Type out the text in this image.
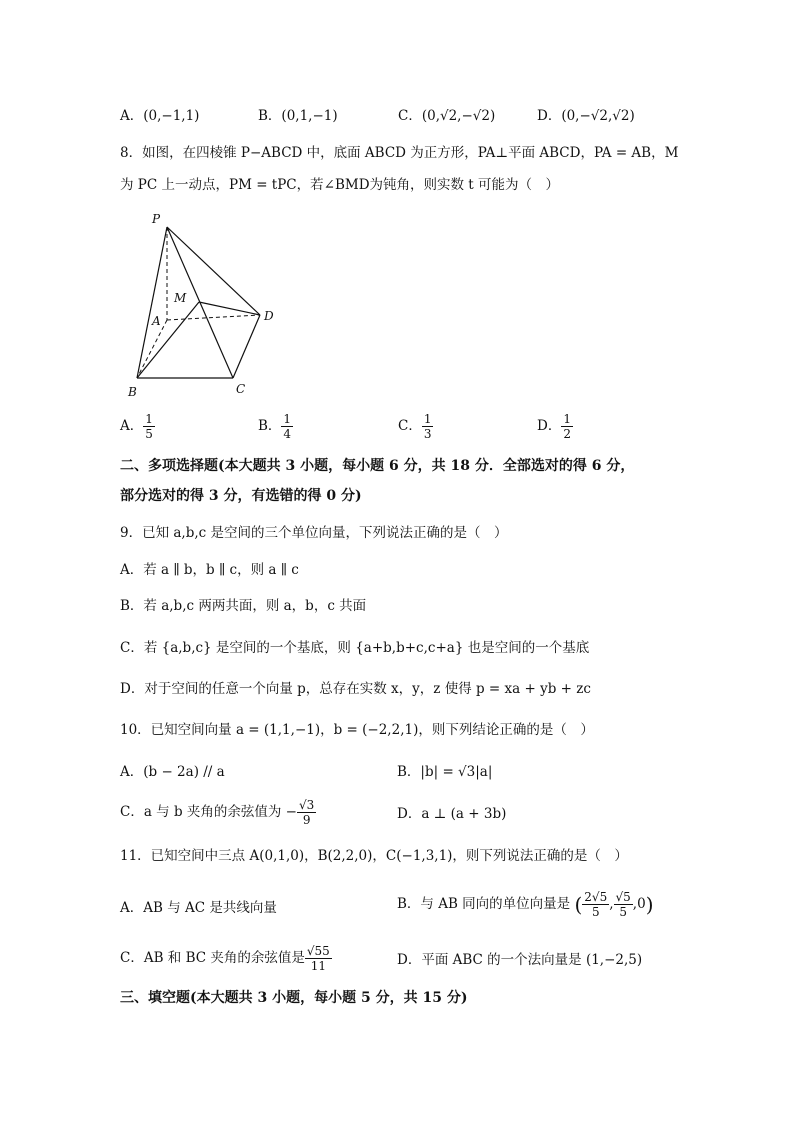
A．(0,−1,1)	B．(0,1,−1)	C．(0,√2,−√2)	D．(0,−√2,√2)
8．如图，在四棱锥 P−ABCD 中，底面 ABCD 为正方形，PA⊥平面 ABCD，PA = AB，M
为 PC 上一动点，PM = tPC，若∠BMD为钝角，则实数 t 可能为（　）
P
M
A	D
B	C
A． $\frac{1}{5}$	B． $\frac{1}{4}$	C． $\frac{1}{3}$	D． $\frac{1}{2}$
二、多项选择题(本大题共 3 小题，每小题 6 分，共 18 分．全部选对的得 6 分，
部分选对的得 3 分，有选错的得 0 分)
9．已知 a,b,c 是空间的三个单位向量，下列说法正确的是（　）
A．若 a ∥ b，b ∥ c，则 a ∥ c
B．若 a,b,c 两两共面，则 a，b，c 共面
C．若 {a,b,c} 是空间的一个基底，则 {a+b,b+c,c+a} 也是空间的一个基底
D．对于空间的任意一个向量 p，总存在实数 x，y，z 使得 p = xa + yb + zc
10．已知空间向量 a = (1,1,−1)，b = (−2,2,1)，则下列结论正确的是（　）
A．(b − 2a) // a	B．|b| = √3|a|
C．a 与 b 夹角的余弦值为 − $\frac{√3}{9}$	D．a ⊥ (a + 3b)
11．已知空间中三点 A(0,1,0)，B(2,2,0)，C(−1,3,1)，则下列说法正确的是（　）
A．AB 与 AC 是共线向量	B．与 AB 同向的单位向量是 ( $\frac{2√5}{5}$ , $\frac{√5}{5} ,0$)
C．AB 和 BC 夹角的余弦值是 $\frac{√55}{11}$	D．平面 ABC 的一个法向量是 (1,−2,5)
三、填空题(本大题共 3 小题，每小题 5 分，共 15 分)
